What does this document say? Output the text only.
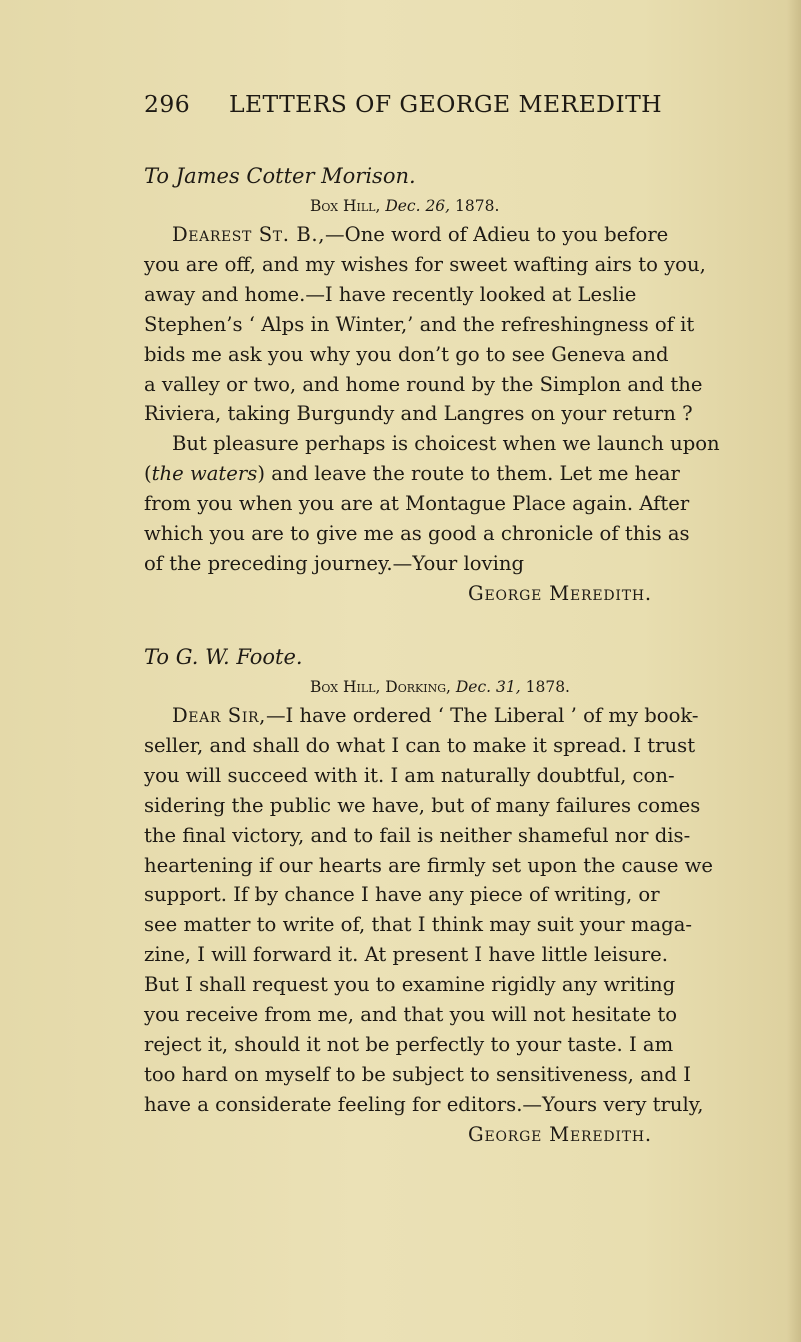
296 LETTERS OF GEORGE MEREDITH

To James Cotter Morison.

Box Hill, Dec. 26, 1878.

Dearest St. B.,—One word of Adieu to you before

you are off, and my wishes for sweet wafting airs to you,

away and home.—I have recently looked at Leslie

Stephen’s ‘ Alps in Winter,’ and the refreshingness of it

bids me ask you why you don’t go to see Geneva and

a valley or two, and home round by the Simplon and the

Riviera, taking Burgundy and Langres on your return ?

But pleasure perhaps is choicest when we launch upon

(the waters) and leave the route to them. Let me hear

from you when you are at Montague Place again. After

which you are to give me as good a chronicle of this as

of the preceding journey.—Your loving

George Meredith.

To G. W. Foote.

Box Hill, Dorking, Dec. 31, 1878.

Dear Sir,—I have ordered ‘ The Liberal ’ of my book-

seller, and shall do what I can to make it spread. I trust

you will succeed with it. I am naturally doubtful, con-

sidering the public we have, but of many failures comes

the final victory, and to fail is neither shameful nor dis-

heartening if our hearts are firmly set upon the cause we

support. If by chance I have any piece of writing, or

see matter to write of, that I think may suit your maga-

zine, I will forward it. At present I have little leisure.

But I shall request you to examine rigidly any writing

you receive from me, and that you will not hesitate to

reject it, should it not be perfectly to your taste. I am

too hard on myself to be subject to sensitiveness, and I

have a considerate feeling for editors.—Yours very truly,

George Meredith.
